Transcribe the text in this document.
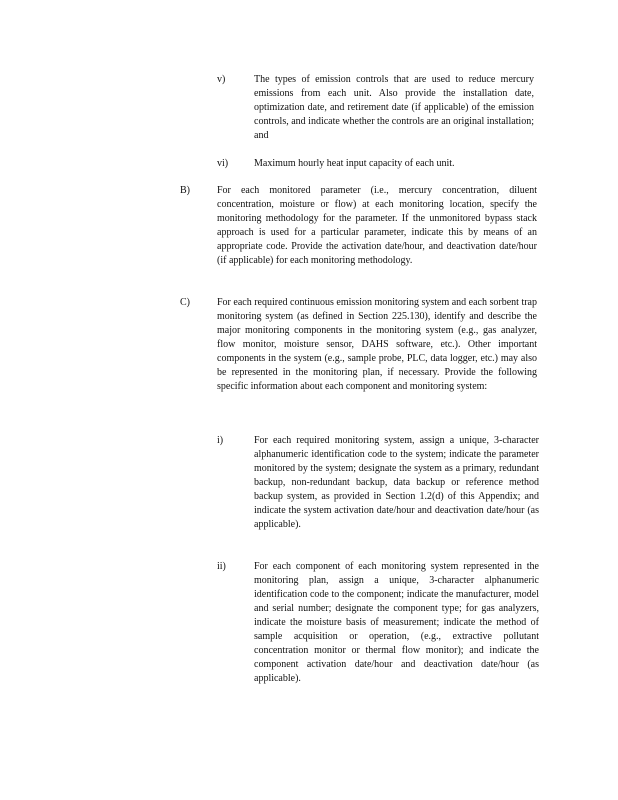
v)	The types of emission controls that are used to reduce mercury emissions from each unit. Also provide the installation date, optimization date, and retirement date (if applicable) of the emission controls, and indicate whether the controls are an original installation; and
vi)	Maximum hourly heat input capacity of each unit.
B)	For each monitored parameter (i.e., mercury concentration, diluent concentration, moisture or flow) at each monitoring location, specify the monitoring methodology for the parameter. If the unmonitored bypass stack approach is used for a particular parameter, indicate this by means of an appropriate code. Provide the activation date/hour, and deactivation date/hour (if applicable) for each monitoring methodology.
C)	For each required continuous emission monitoring system and each sorbent trap monitoring system (as defined in Section 225.130), identify and describe the major monitoring components in the monitoring system (e.g., gas analyzer, flow monitor, moisture sensor, DAHS software, etc.). Other important components in the system (e.g., sample probe, PLC, data logger, etc.) may also be represented in the monitoring plan, if necessary. Provide the following specific information about each component and monitoring system:
i)	For each required monitoring system, assign a unique, 3-character alphanumeric identification code to the system; indicate the parameter monitored by the system; designate the system as a primary, redundant backup, non-redundant backup, data backup or reference method backup system, as provided in Section 1.2(d) of this Appendix; and indicate the system activation date/hour and deactivation date/hour (as applicable).
ii)	For each component of each monitoring system represented in the monitoring plan, assign a unique, 3-character alphanumeric identification code to the component; indicate the manufacturer, model and serial number; designate the component type; for gas analyzers, indicate the moisture basis of measurement; indicate the method of sample acquisition or operation, (e.g., extractive pollutant concentration monitor or thermal flow monitor); and indicate the component activation date/hour and deactivation date/hour (as applicable).
